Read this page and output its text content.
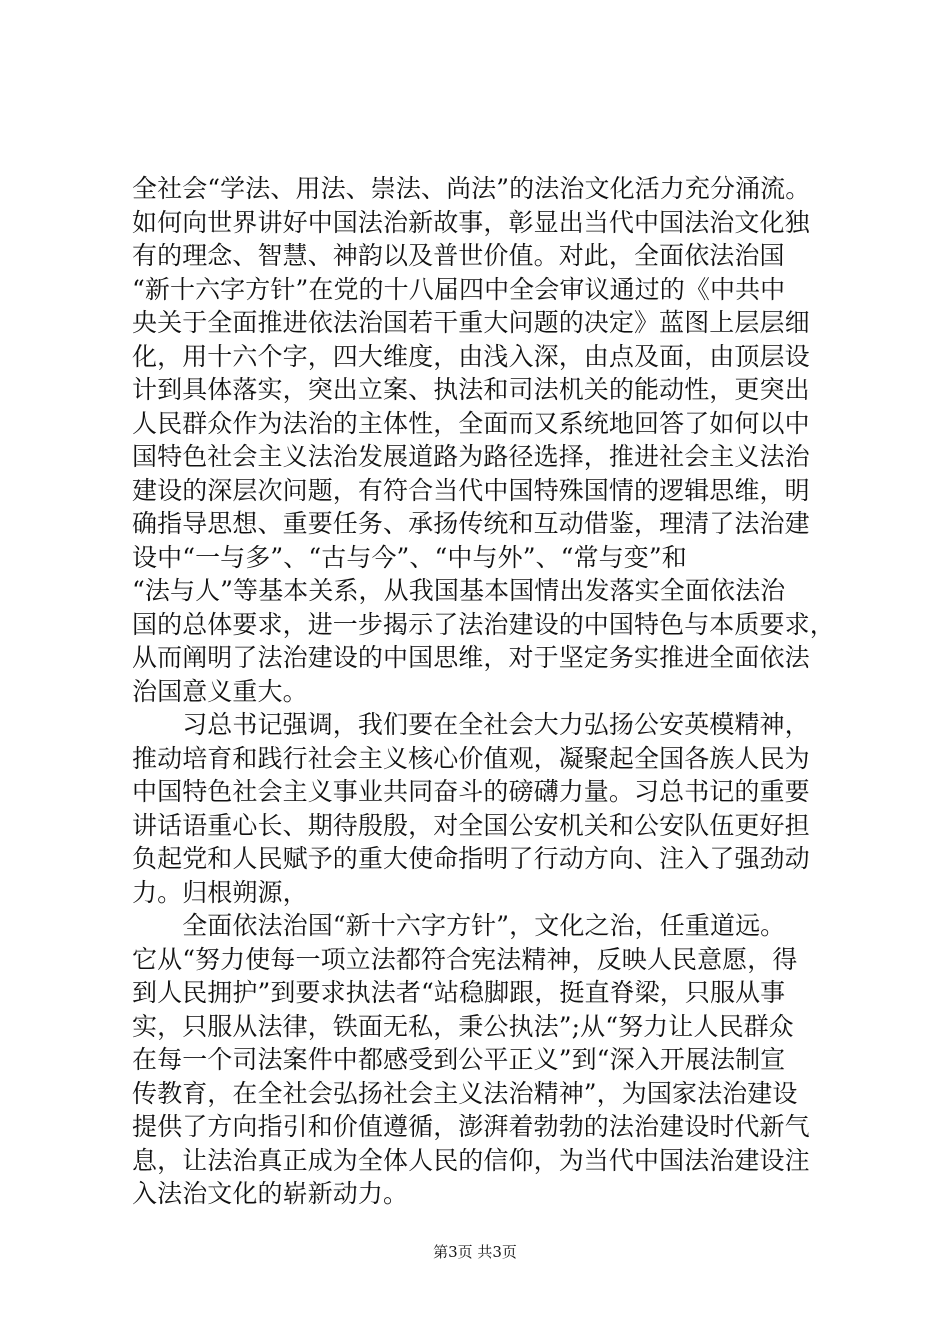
全社会“学法、用法、崇法、尚法”的法治文化活力充分涌流。
如何向世界讲好中国法治新故事，彰显出当代中国法治文化独
有的理念、智慧、神韵以及普世价值。对此，全面依法治国
“新十六字方针”在党的十八届四中全会审议通过的《中共中
央关于全面推进依法治国若干重大问题的决定》蓝图上层层细
化，用十六个字，四大维度，由浅入深，由点及面，由顶层设
计到具体落实，突出立案、执法和司法机关的能动性，更突出
人民群众作为法治的主体性，全面而又系统地回答了如何以中
国特色社会主义法治发展道路为路径选择，推进社会主义法治
建设的深层次问题，有符合当代中国特殊国情的逻辑思维，明
确指导思想、重要任务、承扬传统和互动借鉴，理清了法治建
设中“一与多”、“古与今”、“中与外”、“常与变”和
“法与人”等基本关系，从我国基本国情出发落实全面依法治
国的总体要求，进一步揭示了法治建设的中国特色与本质要求，
从而阐明了法治建设的中国思维，对于坚定务实推进全面依法
治国意义重大。
　　习总书记强调，我们要在全社会大力弘扬公安英模精神，
推动培育和践行社会主义核心价值观，凝聚起全国各族人民为
中国特色社会主义事业共同奋斗的磅礴力量。习总书记的重要
讲话语重心长、期待殷殷，对全国公安机关和公安队伍更好担
负起党和人民赋予的重大使命指明了行动方向、注入了强劲动
力。归根朔源，
　　全面依法治国“新十六字方针”，文化之治，任重道远。
它从“努力使每一项立法都符合宪法精神，反映人民意愿，得
到人民拥护”到要求执法者“站稳脚跟，挺直脊梁，只服从事
实，只服从法律，铁面无私，秉公执法”;从“努力让人民群众
在每一个司法案件中都感受到公平正义”到“深入开展法制宣
传教育，在全社会弘扬社会主义法治精神”，为国家法治建设
提供了方向指引和价值遵循，澎湃着勃勃的法治建设时代新气
息，让法治真正成为全体人民的信仰，为当代中国法治建设注
入法治文化的崭新动力。
第3页 共3页
